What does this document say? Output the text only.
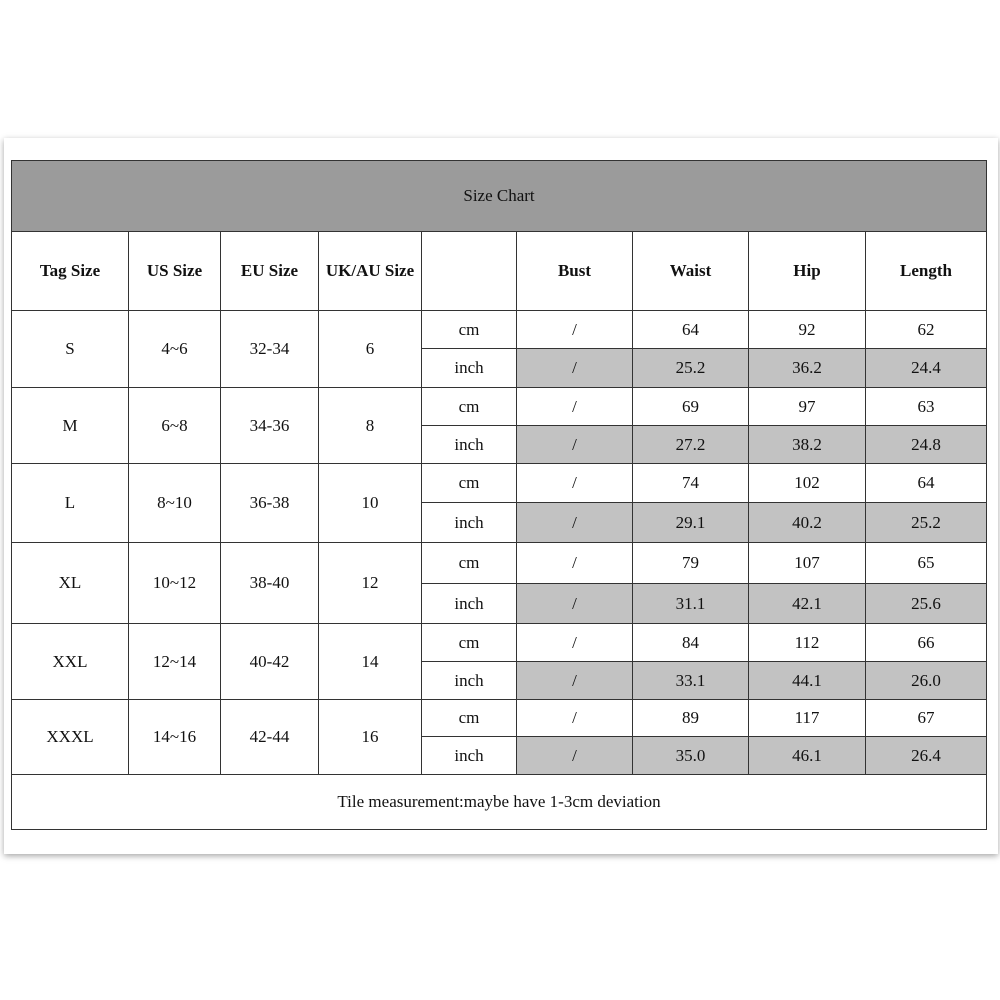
Size Chart								
Tag Size	US Size	EU Size	UK/AU Size		Bust	Waist	Hip	Length
S	4~6	32-34	6	cm	/	64	92	62
				inch	/	25.2	36.2	24.4
M	6~8	34-36	8	cm	/	69	97	63
				inch	/	27.2	38.2	24.8
L	8~10	36-38	10	cm	/	74	102	64
				inch	/	29.1	40.2	25.2
XL	10~12	38-40	12	cm	/	79	107	65
				inch	/	31.1	42.1	25.6
XXL	12~14	40-42	14	cm	/	84	112	66
				inch	/	33.1	44.1	26.0
XXXL	14~16	42-44	16	cm	/	89	117	67
				inch	/	35.0	46.1	26.4
Tile measurement:maybe have 1-3cm deviation								
